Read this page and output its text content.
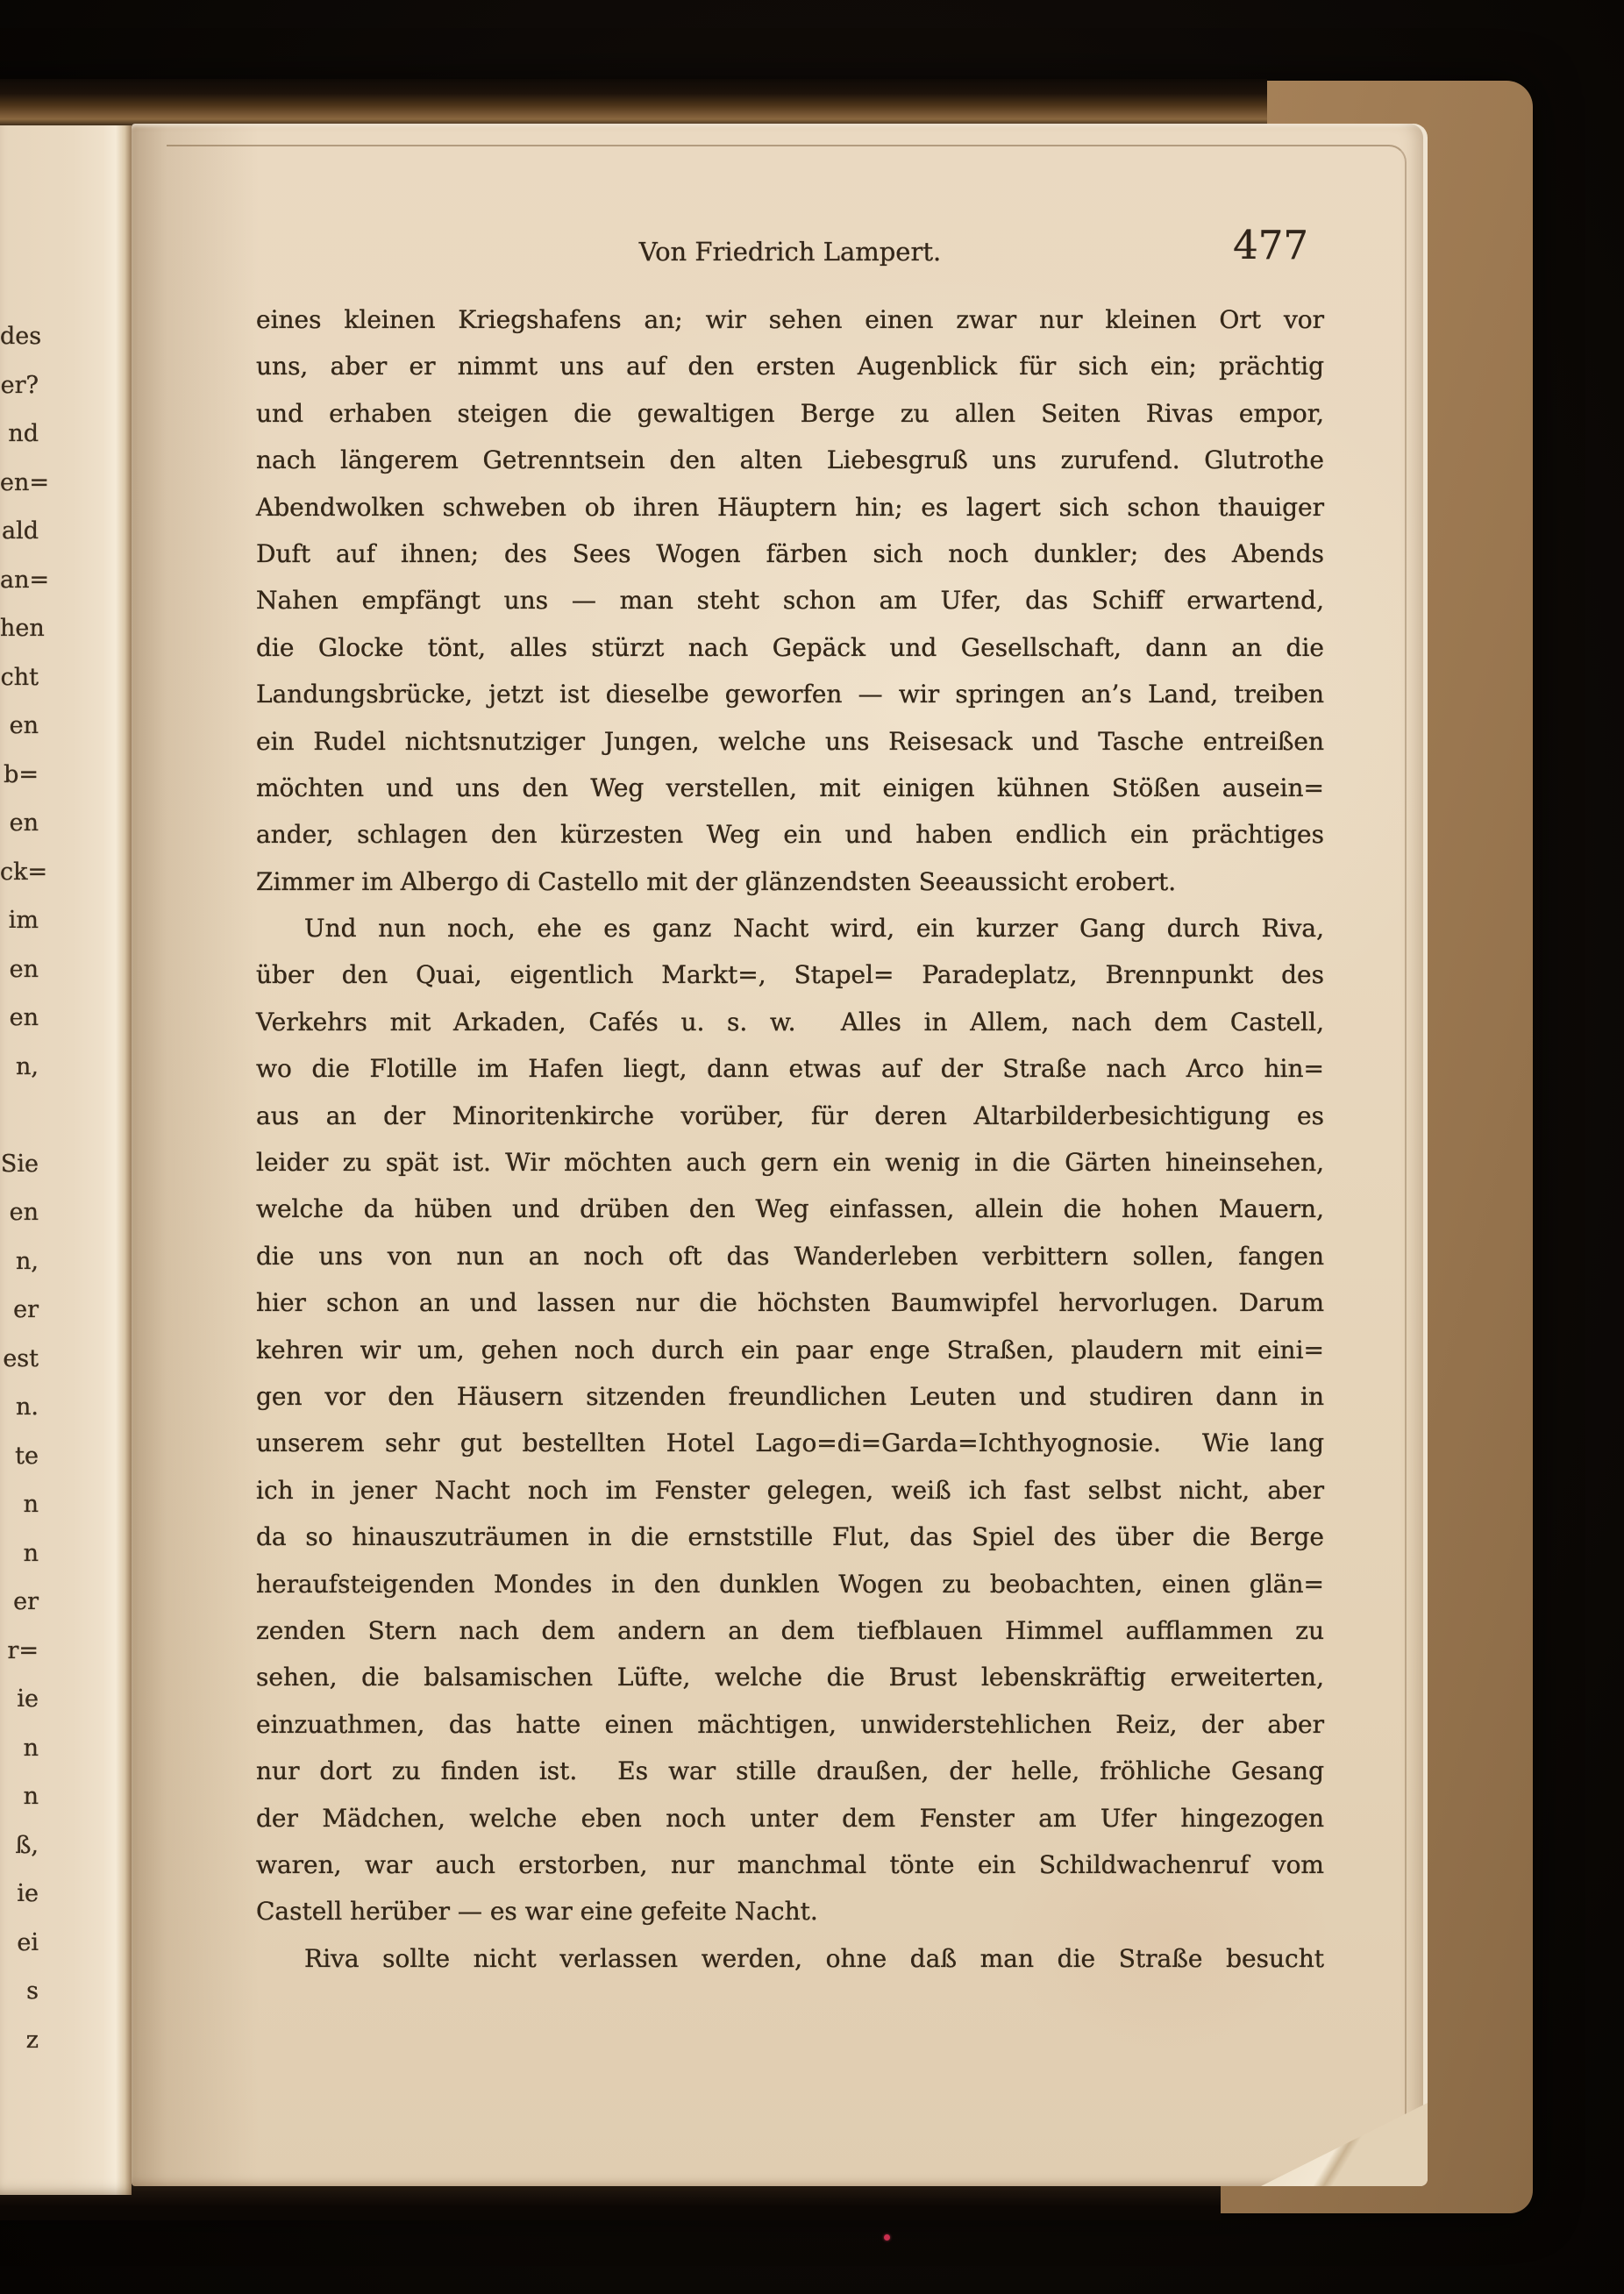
des
er?
nd
en=
ald
an=
hen
cht
en
b=
en
ck=
im
en
en
n,
Sie
en
n,
er
est
n.
te
n
n
er
r=
ie
n
n
ß,
ie
ei
s
z
Von Friedrich Lampert.	477
eines kleinen Kriegshafens an; wir sehen einen zwar nur kleinen Ort vor
uns, aber er nimmt uns auf den ersten Augenblick für sich ein; prächtig
und erhaben steigen die gewaltigen Berge zu allen Seiten Rivas empor,
nach längerem Getrenntsein den alten Liebesgruß uns zurufend. Glutrothe
Abendwolken schweben ob ihren Häuptern hin; es lagert sich schon thauiger
Duft auf ihnen; des Sees Wogen färben sich noch dunkler; des Abends
Nahen empfängt uns — man steht schon am Ufer, das Schiff erwartend,
die Glocke tönt, alles stürzt nach Gepäck und Gesellschaft, dann an die
Landungsbrücke, jetzt ist dieselbe geworfen — wir springen an’s Land, treiben
ein Rudel nichtsnutziger Jungen, welche uns Reisesack und Tasche entreißen
möchten und uns den Weg verstellen, mit einigen kühnen Stößen ausein=
ander, schlagen den kürzesten Weg ein und haben endlich ein prächtiges
Zimmer im Albergo di Castello mit der glänzendsten Seeaussicht erobert.
Und nun noch, ehe es ganz Nacht wird, ein kurzer Gang durch Riva,
über den Quai, eigentlich Markt=, Stapel= Paradeplatz, Brennpunkt des
Verkehrs mit Arkaden, Cafés u. s. w.  Alles in Allem, nach dem Castell,
wo die Flotille im Hafen liegt, dann etwas auf der Straße nach Arco hin=
aus an der Minoritenkirche vorüber, für deren Altarbilderbesichtigung es
leider zu spät ist. Wir möchten auch gern ein wenig in die Gärten hineinsehen,
welche da hüben und drüben den Weg einfassen, allein die hohen Mauern,
die uns von nun an noch oft das Wanderleben verbittern sollen, fangen
hier schon an und lassen nur die höchsten Baumwipfel hervorlugen. Darum
kehren wir um, gehen noch durch ein paar enge Straßen, plaudern mit eini=
gen vor den Häusern sitzenden freundlichen Leuten und studiren dann in
unserem sehr gut bestellten Hotel Lago=di=Garda=Ichthyognosie.  Wie lang
ich in jener Nacht noch im Fenster gelegen, weiß ich fast selbst nicht, aber
da so hinauszuträumen in die ernststille Flut, das Spiel des über die Berge
heraufsteigenden Mondes in den dunklen Wogen zu beobachten, einen glän=
zenden Stern nach dem andern an dem tiefblauen Himmel aufflammen zu
sehen, die balsamischen Lüfte, welche die Brust lebenskräftig erweiterten,
einzuathmen, das hatte einen mächtigen, unwiderstehlichen Reiz, der aber
nur dort zu finden ist.  Es war stille draußen, der helle, fröhliche Gesang
der Mädchen, welche eben noch unter dem Fenster am Ufer hingezogen
waren, war auch erstorben, nur manchmal tönte ein Schildwachenruf vom
Castell herüber — es war eine gefeite Nacht.
Riva sollte nicht verlassen werden, ohne daß man die Straße besucht
